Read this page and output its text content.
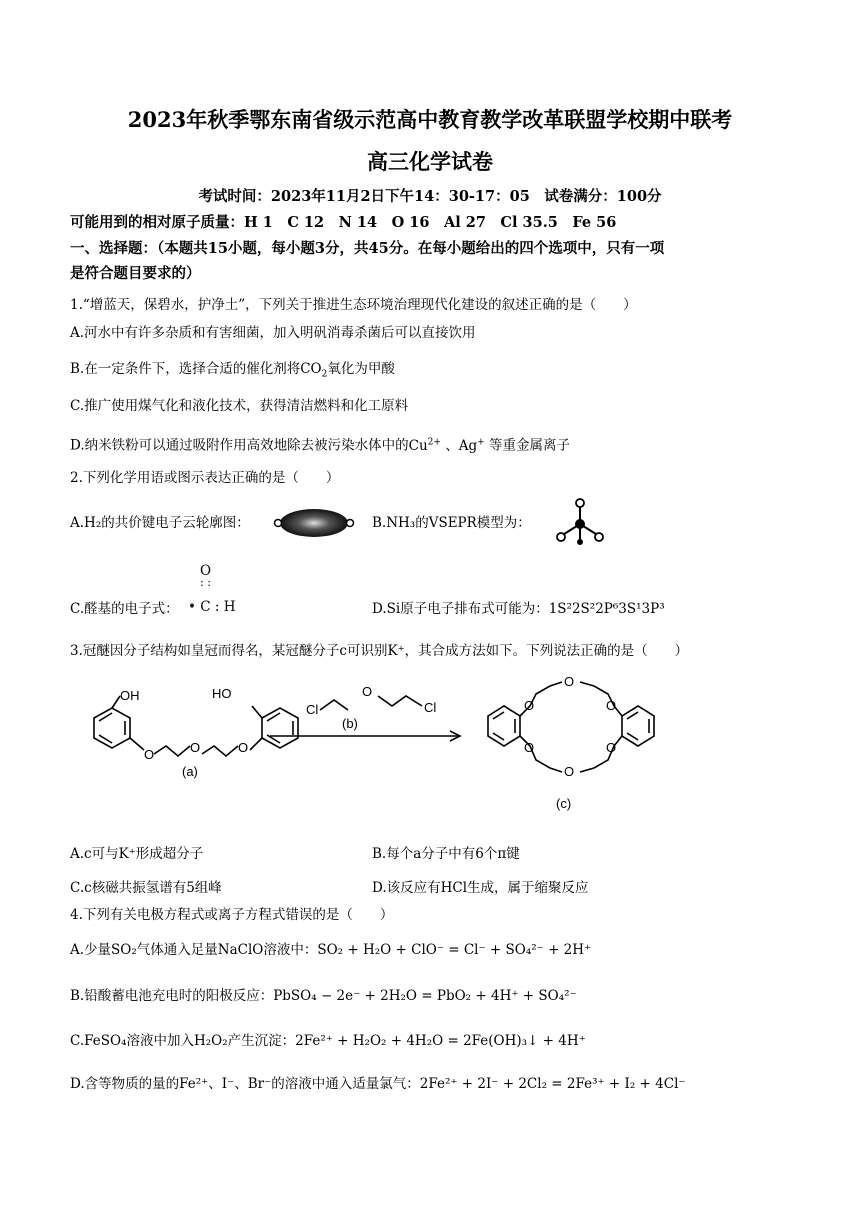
2023年秋季鄂东南省级示范高中教育教学改革联盟学校期中联考
高三化学试卷
考试时间：2023年11月2日下午14：30-17：05　试卷满分：100分
可能用到的相对原子质量：H 1　C 12　N 14　O 16　Al 27　Cl 35.5　Fe 56
一、选择题：（本题共15小题，每小题3分，共45分。在每小题给出的四个选项中，只有一项
是符合题目要求的）
1.“增蓝天，保碧水，护净土”，下列关于推进生态环境治理现代化建设的叙述正确的是（　　）
A.河水中有许多杂质和有害细菌，加入明矾消毒杀菌后可以直接饮用
B.在一定条件下，选择合适的催化剂将$CO_2$氧化为甲酸
C.推广使用煤气化和液化技术，获得清洁燃料和化工原料
D.纳米铁粉可以通过吸附作用高效地除去被污染水体中的$Cu^{2+}$ 、Ag+ 等重金属离子
2.下列化学用语或图示表达正确的是（　　）
A.H₂的共价键电子云轮廓图：	B.NH₃的VSEPR模型为：
C.醛基的电子式：
O
: :
• C : H	D.Si原子电子排布式可能为：1S²2S²2P⁶3S¹3P³
3.冠醚因分子结构如皇冠而得名，某冠醚分子c可识别K⁺，其合成方法如下。下列说法正确的是（　　）
OH
O	O	O
HO
(a)
Cl
O
Cl
(b)
O
O
O
O
O
O
(c)
A.c可与K⁺形成超分子	B.每个a分子中有6个π键
C.c核磁共振氢谱有5组峰	D.该反应有HCl生成，属于缩聚反应
4.下列有关电极方程式或离子方程式错误的是（　　）
A.少量SO₂气体通入足量NaClO溶液中：SO₂ + H₂O + ClO⁻ = Cl⁻ + SO₄²⁻ + 2H⁺
B.铅酸蓄电池充电时的阳极反应：PbSO₄ − 2e⁻ + 2H₂O = PbO₂ + 4H⁺ + SO₄²⁻
C.FeSO₄溶液中加入H₂O₂产生沉淀：2Fe²⁺ + H₂O₂ + 4H₂O = 2Fe(OH)₃↓ + 4H⁺
D.含等物质的量的Fe²⁺、I⁻、Br⁻的溶液中通入适量氯气：2Fe²⁺ + 2I⁻ + 2Cl₂ = 2Fe³⁺ + I₂ + 4Cl⁻
